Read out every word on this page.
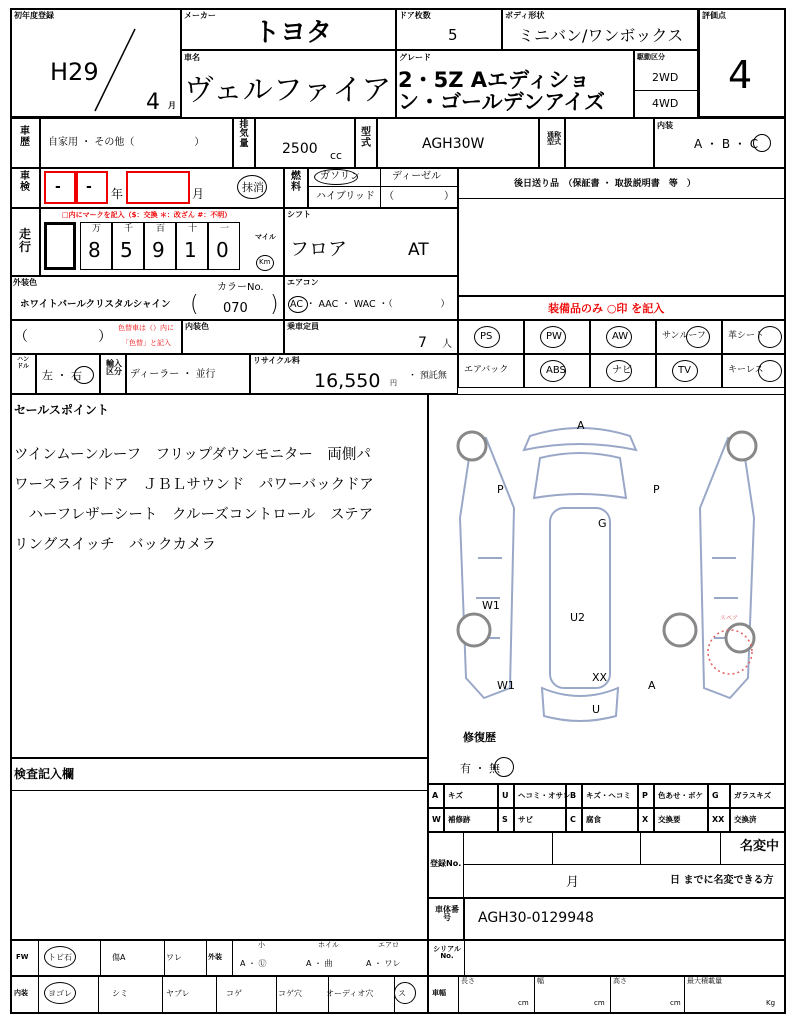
初年度登録
H29
4 月
メーカー
トヨタ
ドア枚数
5
ボディ形状
ミニバン/ワンボックス
評価点
4
車名
ヴェルファイア
グレード
2・5Z Aエディショ
ン・ゴールデンアイズ
駆動区分
2WD
4WD
車歴 自家用 ・ その他（　　　　　　）
排気量 2500 cc
型式	AGH30W
通称型式
内装
A ・ B ・ C
車検 - - 年	月	抹消
燃料
ガソリン	ディーゼル
ハイブリッド （　　　　　）
後日送り品　（保証書 ・ 取扱説明書　等　）
走行
□内にマークを記入（$：交換 ＊：改ざん #：不明）
マイル
Km
シフト
フロア	AT
外装色
ホワイトパールクリスタルシャイン
カラーNo.
( 070 )
エアコン
AC ・ AAC ・ WAC ・（　　　　　）	装備品のみ ○印 を記入
（　　　　　）
色替車は（）内に
「色替」と記入
内装色	乗車定員
7 人
ハンドル
左 ・ 右
輸入区分 ディーラー ・ 並行
リサイクル料
16,550 円
・ 預託無
セールスポイント
スペア
修復歴
有 ・ 無
検査記入欄
登録No.
名変中
月	日 までに名変できる方
車体番号	AGH30-0129948
FW	外装
小
A ・ Ⓤ
ホイル
A ・ 曲
エアロ
A ・ ワレ
シリアルNo.
内装	車幅
長さ	幅	高さ	最大積載量
cm	cm	cm	Kg
万	千	百	十	一
8 5 9 1 0
PS	PW	AW	サンルーフ 革シート
エアバック	ABS	ナビ	TV	キーレス
ツインムーンルーフ　フリップダウンモニター　両側パ
ワースライドドア　ＪＢＬサウンド　パワーバックドア
　ハーフレザーシート　クルーズコントロール　ステア
リングスイッチ　バックカメラ
A
P	P
G
W1
U2
XX
W1	A
U
A キズ	U ヘコミ・オサレ B キズ・ヘコミ P 色あせ・ボケ G ガラスキズ
W 補修跡	S サビ	C 腐食	X 交換要	XX 交換済
トビ石	傷A	ワレ
ヨゴレ	シミ	ヤブレ	コゲ	コゲ穴	オーディオ穴	ス
